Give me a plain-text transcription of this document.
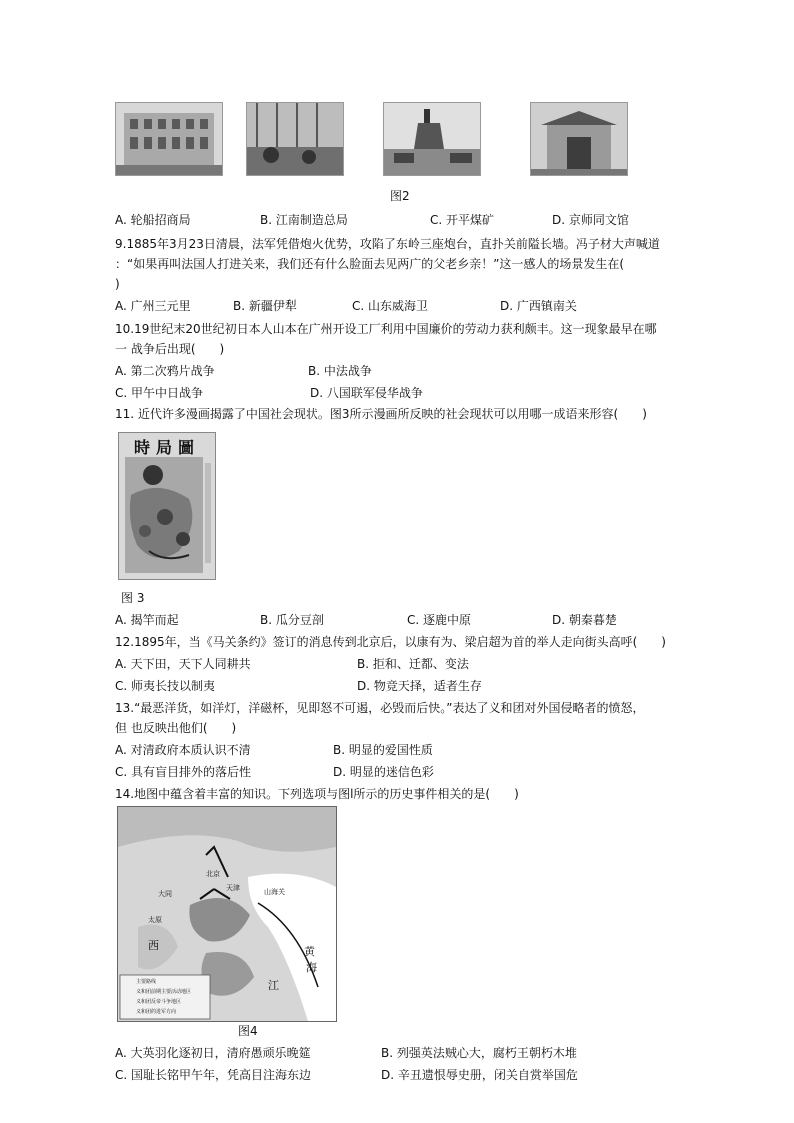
图2
A. 轮船招商局	B. 江南制造总局	C. 开平煤矿	D. 京师同文馆
9.1885年3月23日清晨，法军凭借炮火优势，攻陷了东岭三座炮台，直扑关前隘长墙。冯子材大声喊道
：“如果再叫法国人打进关来，我们还有什么脸面去见两广的父老乡亲！”这一感人的场景发生在(
)
A. 广州三元里	B. 新疆伊犁	C. 山东威海卫	D. 广西镇南关
10.19世纪末20世纪初日本人山本在广州开设工厂利用中国廉价的劳动力获利颇丰。这一现象最早在哪
一 战争后出现(　　)
A. 第二次鸦片战争	B. 中法战争
C. 甲午中日战争	D. 八国联军侵华战争
11. 近代许多漫画揭露了中国社会现状。图3所示漫画所反映的社会现状可以用哪一成语来形容(　　)
時局圖
图 3
A. 揭竿而起	B. 瓜分豆剖	C. 逐鹿中原	D. 朝秦暮楚
12.1895年，当《马关条约》签订的消息传到北京后，以康有为、梁启超为首的举人走向街头高呼(　　)
A. 天下田，天下人同耕共	B. 拒和、迁都、变法
C. 师夷长技以制夷	D. 物竞天择，适者生存
13.“最恶洋货，如洋灯，洋磁杯，见即怒不可遏，必毁而后快。”表达了义和团对外国侵略者的愤怒，
但 也反映出他们(　　)
A. 对清政府本质认识不清	B. 明显的爱国性质
C. 具有盲目排外的落后性	D. 明显的迷信色彩
14.地图中蕴含着丰富的知识。下列选项与图l所示的历史事件相关的是(　　)
北京
天津	山海关
大同
太原
西	黄
海
江
主要路线
义和团前期主要活动地区
义和团反帝斗争地区
义和团的进军方向
图4
A. 大英羽化逐初日，清府愚顽乐晚筵	B. 列强英法贼心大，腐朽王朝朽木堆
C. 国耻长铭甲午年，凭高目注海东边	D. 辛丑遗恨辱史册，闭关自赏举国危
